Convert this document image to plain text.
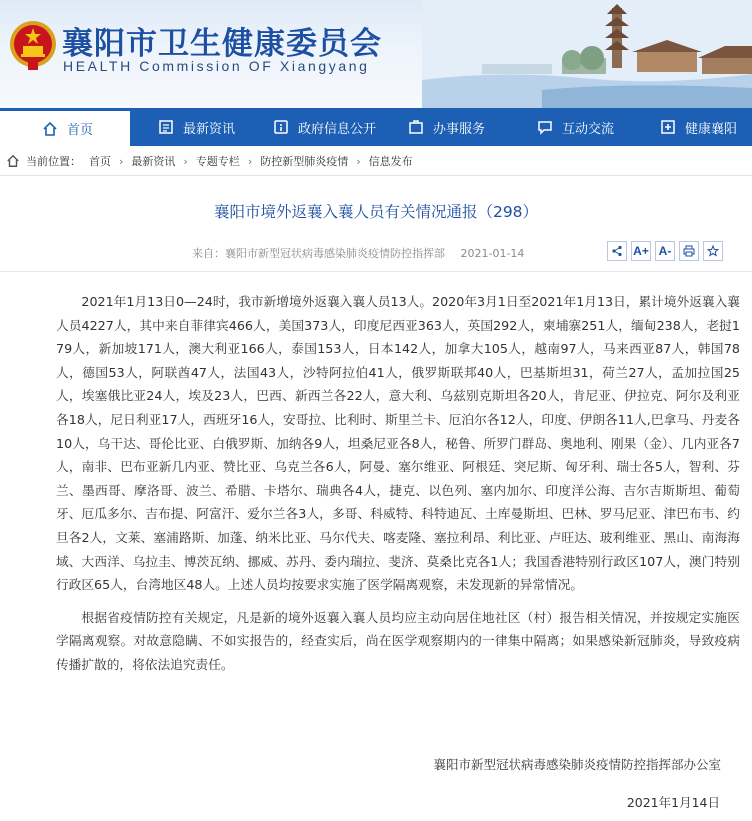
襄阳市卫生健康委员会
HEALTH Commission OF Xiangyang
首页	最新资讯	政府信息公开	办事服务	互动交流	健康襄阳
当前位置： 首页 › 最新资讯 › 专题专栏 › 防控新型肺炎疫情 › 信息发布
襄阳市境外返襄入襄人员有关情况通报（298）
来自：襄阳市新型冠状病毒感染肺炎疫情防控指挥部 2021-01-14	A+ A-

2021年1月13日0—24时，我市新增境外返襄入襄人员13人。2020年3月1日至2021年1月13日，累计境外返襄入襄人员4227人，其中来自菲律宾466人，美国373人，印度尼西亚363人，英国292人，柬埔寨251人，缅甸238人，老挝179人，新加坡171人，澳大利亚166人，泰国153人，日本142人，加拿大105人，越南97人，马来西亚87人，韩国78人，德国53人，阿联酋47人，法国43人，沙特阿拉伯41人，俄罗斯联邦40人，巴基斯坦31，荷兰27人，孟加拉国25人，埃塞俄比亚24人，埃及23人，巴西、新西兰各22人，意大利、乌兹别克斯坦各20人，肯尼亚、伊拉克、阿尔及利亚各18人，尼日利亚17人，西班牙16人，安哥拉、比利时、斯里兰卡、厄泊尔各12人，印度、伊朗各11人,巴拿马、丹麦各10人，乌干达、哥伦比亚、白俄罗斯、加纳各9人，坦桑尼亚各8人，秘鲁、所罗门群岛、奥地利、刚果（金）、几内亚各7人，南非、巴布亚新几内亚、赞比亚、乌克兰各6人，阿曼、塞尔维亚、阿根廷、突尼斯、匈牙利、瑞士各5人，智利、芬兰、墨西哥、摩洛哥、波兰、希腊、卡塔尔、瑞典各4人，捷克、以色列、塞内加尔、印度洋公海、吉尔吉斯斯坦、葡萄牙、厄瓜多尔、吉布提、阿富汗、爱尔兰各3人，多哥、科威特、科特迪瓦、土库曼斯坦、巴林、罗马尼亚、津巴布韦、约旦各2人，文莱、塞浦路斯、加蓬、纳米比亚、马尔代夫、喀麦隆、塞拉利昂、利比亚、卢旺达、玻利维亚、黑山、南海海域、大西洋、乌拉圭、博茨瓦纳、挪威、苏丹、委内瑞拉、斐济、莫桑比克各1人；我国香港特别行政区107人，澳门特别行政区65人，台湾地区48人。上述人员均按要求实施了医学隔离观察，未发现新的异常情况。

根据省疫情防控有关规定，凡是新的境外返襄入襄人员均应主动向居住地社区（村）报告相关情况，并按规定实施医学隔离观察。对故意隐瞒、不如实报告的，经查实后，尚在医学观察期内的一律集中隔离；如果感染新冠肺炎，导致疫病传播扩散的，将依法追究责任。

襄阳市新型冠状病毒感染肺炎疫情防控指挥部办公室
2021年1月14日
